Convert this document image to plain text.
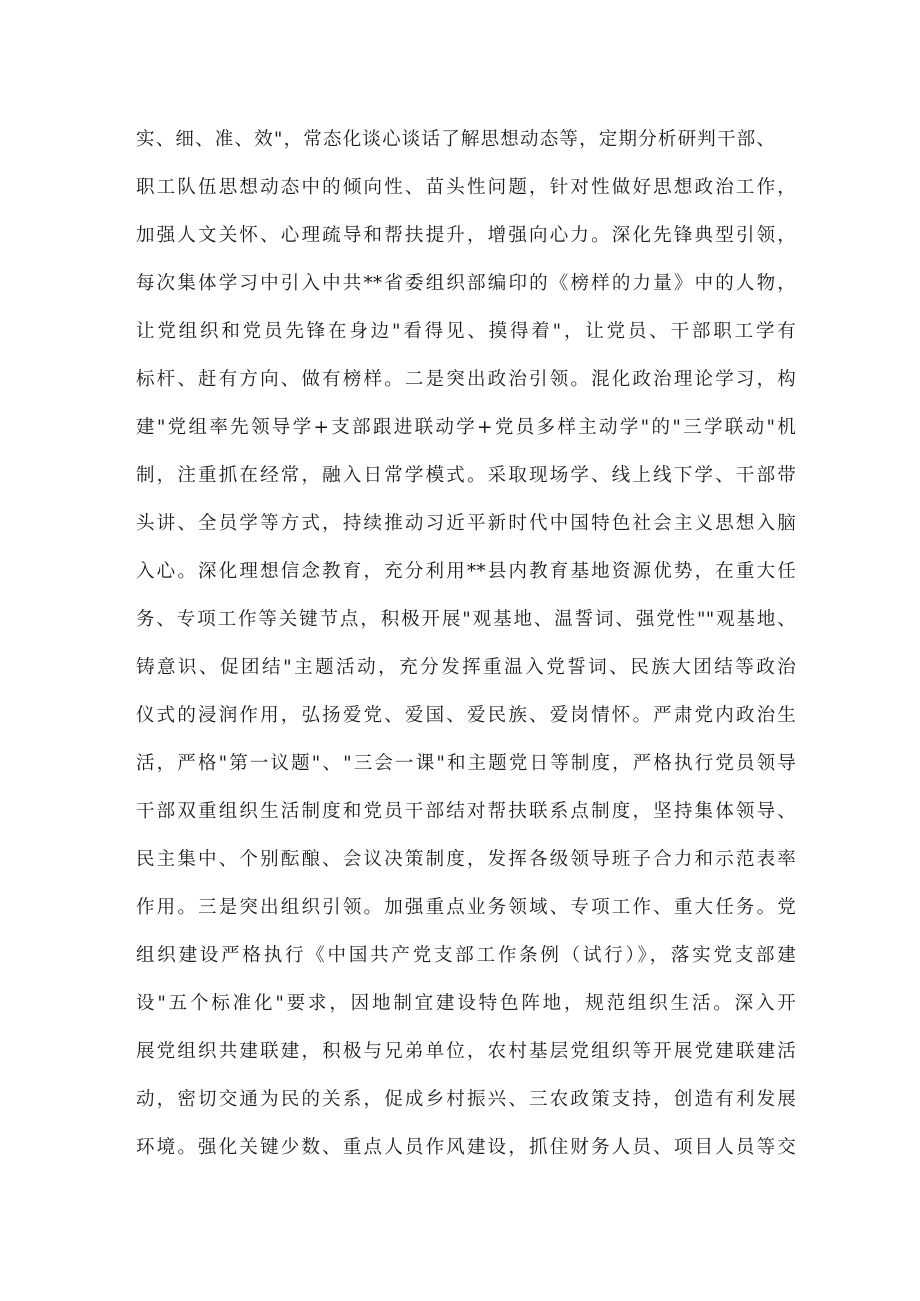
实、细、准、效"，常态化谈心谈话了解思想动态等，定期分析研判干部、
职工队伍思想动态中的倾向性、苗头性问题，针对性做好思想政治工作，
加强人文关怀、心理疏导和帮扶提升，增强向心力。深化先锋典型引领，
每次集体学习中引入中共**省委组织部编印的《榜样的力量》中的人物，
让党组织和党员先锋在身边"看得见、摸得着"，让党员、干部职工学有
标杆、赶有方向、做有榜样。二是突出政治引领。混化政治理论学习，构
建"党组率先领导学+支部跟进联动学+党员多样主动学"的"三学联动"机
制，注重抓在经常，融入日常学模式。采取现场学、线上线下学、干部带
头讲、全员学等方式，持续推动习近平新时代中国特色社会主义思想入脑
入心。深化理想信念教育，充分利用**县内教育基地资源优势，在重大任
务、专项工作等关键节点，积极开展"观基地、温誓词、强党性""观基地、
铸意识、促团结"主题活动，充分发挥重温入党誓词、民族大团结等政治
仪式的浸润作用，弘扬爱党、爱国、爱民族、爱岗情怀。严肃党内政治生
活，严格"第一议题"、"三会一课"和主题党日等制度，严格执行党员领导
干部双重组织生活制度和党员干部结对帮扶联系点制度，坚持集体领导、
民主集中、个别酝酿、会议决策制度，发挥各级领导班子合力和示范表率
作用。三是突出组织引领。加强重点业务领域、专项工作、重大任务。党
组织建设严格执行《中国共产党支部工作条例（试行）》，落实党支部建
设"五个标准化"要求，因地制宜建设特色阵地，规范组织生活。深入开
展党组织共建联建，积极与兄弟单位，农村基层党组织等开展党建联建活
动，密切交通为民的关系，促成乡村振兴、三农政策支持，创造有利发展
环境。强化关键少数、重点人员作风建设，抓住财务人员、项目人员等交
